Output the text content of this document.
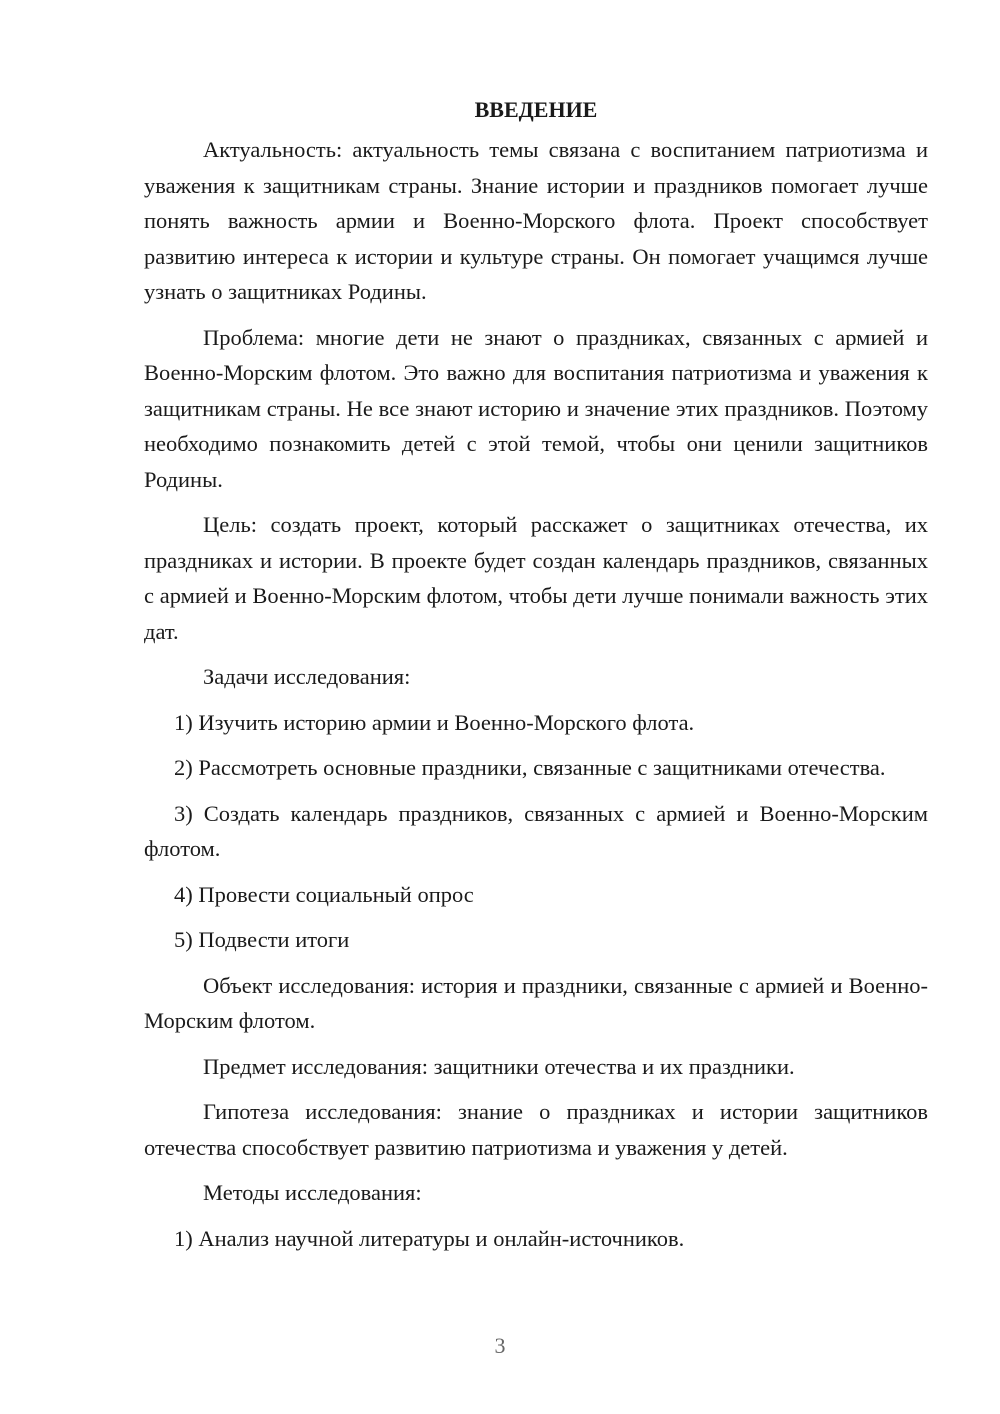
ВВЕДЕНИЕ

Актуальность: актуальность темы связана с воспитанием патриотизма и уважения к защитникам страны. Знание истории и праздников помогает лучше понять важность армии и Военно-Морского флота. Проект способствует развитию интереса к истории и культуре страны. Он помогает учащимся лучше узнать о защитниках Родины.

Проблема: многие дети не знают о праздниках, связанных с армией и Военно-Морским флотом. Это важно для воспитания патриотизма и уважения к защитникам страны. Не все знают историю и значение этих праздников. Поэтому необходимо познакомить детей с этой темой, чтобы они ценили защитников Родины.

Цель: создать проект, который расскажет о защитниках отечества, их праздниках и истории. В проекте будет создан календарь праздников, связанных с армией и Военно-Морским флотом, чтобы дети лучше понимали важность этих дат.

Задачи исследования:

1) Изучить историю армии и Военно-Морского флота.

2) Рассмотреть основные праздники, связанные с защитниками отечества.

3) Создать календарь праздников, связанных с армией и Военно-Морским флотом.

4) Провести социальный опрос

5) Подвести итоги

Объект исследования: история и праздники, связанные с армией и Военно-Морским флотом.

Предмет исследования: защитники отечества и их праздники.

Гипотеза исследования: знание о праздниках и истории защитников отечества способствует развитию патриотизма и уважения у детей.

Методы исследования:

1) Анализ научной литературы и онлайн-источников.

3
